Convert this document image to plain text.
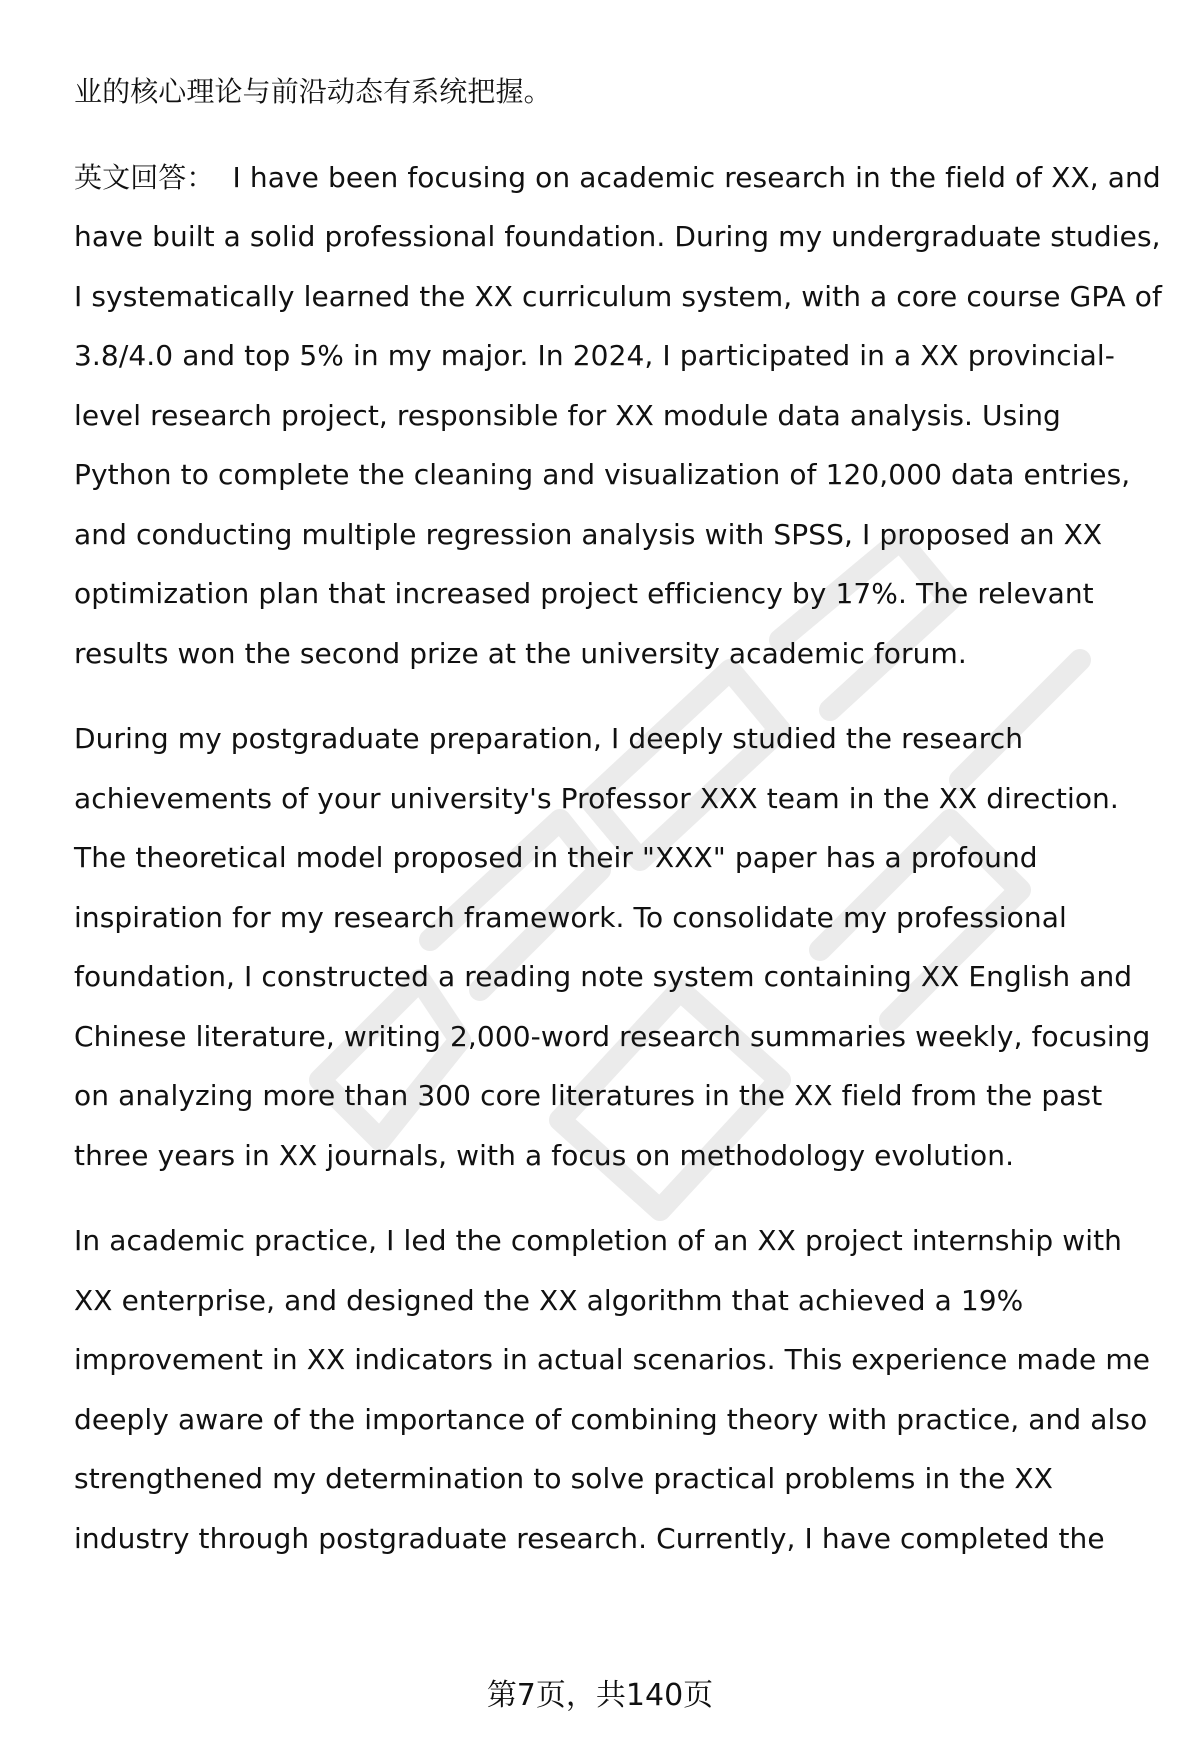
业的核心理论与前沿动态有系统把握。

英文回答： I have been focusing on academic research in the field of XX, and have built a solid professional foundation. During my undergraduate studies, I systematically learned the XX curriculum system, with a core course GPA of 3.8/4.0 and top 5% in my major. In 2024, I participated in a XX provincial-level research project, responsible for XX module data analysis. Using Python to complete the cleaning and visualization of 120,000 data entries, and conducting multiple regression analysis with SPSS, I proposed an XX optimization plan that increased project efficiency by 17%. The relevant results won the second prize at the university academic forum.

During my postgraduate preparation, I deeply studied the research achievements of your university's Professor XXX team in the XX direction. The theoretical model proposed in their "XXX" paper has a profound inspiration for my research framework. To consolidate my professional foundation, I constructed a reading note system containing XX English and Chinese literature, writing 2,000-word research summaries weekly, focusing on analyzing more than 300 core literatures in the XX field from the past three years in XX journals, with a focus on methodology evolution.

In academic practice, I led the completion of an XX project internship with XX enterprise, and designed the XX algorithm that achieved a 19% improvement in XX indicators in actual scenarios. This experience made me deeply aware of the importance of combining theory with practice, and also strengthened my determination to solve practical problems in the XX industry through postgraduate research. Currently, I have completed the

第7页，共140页
